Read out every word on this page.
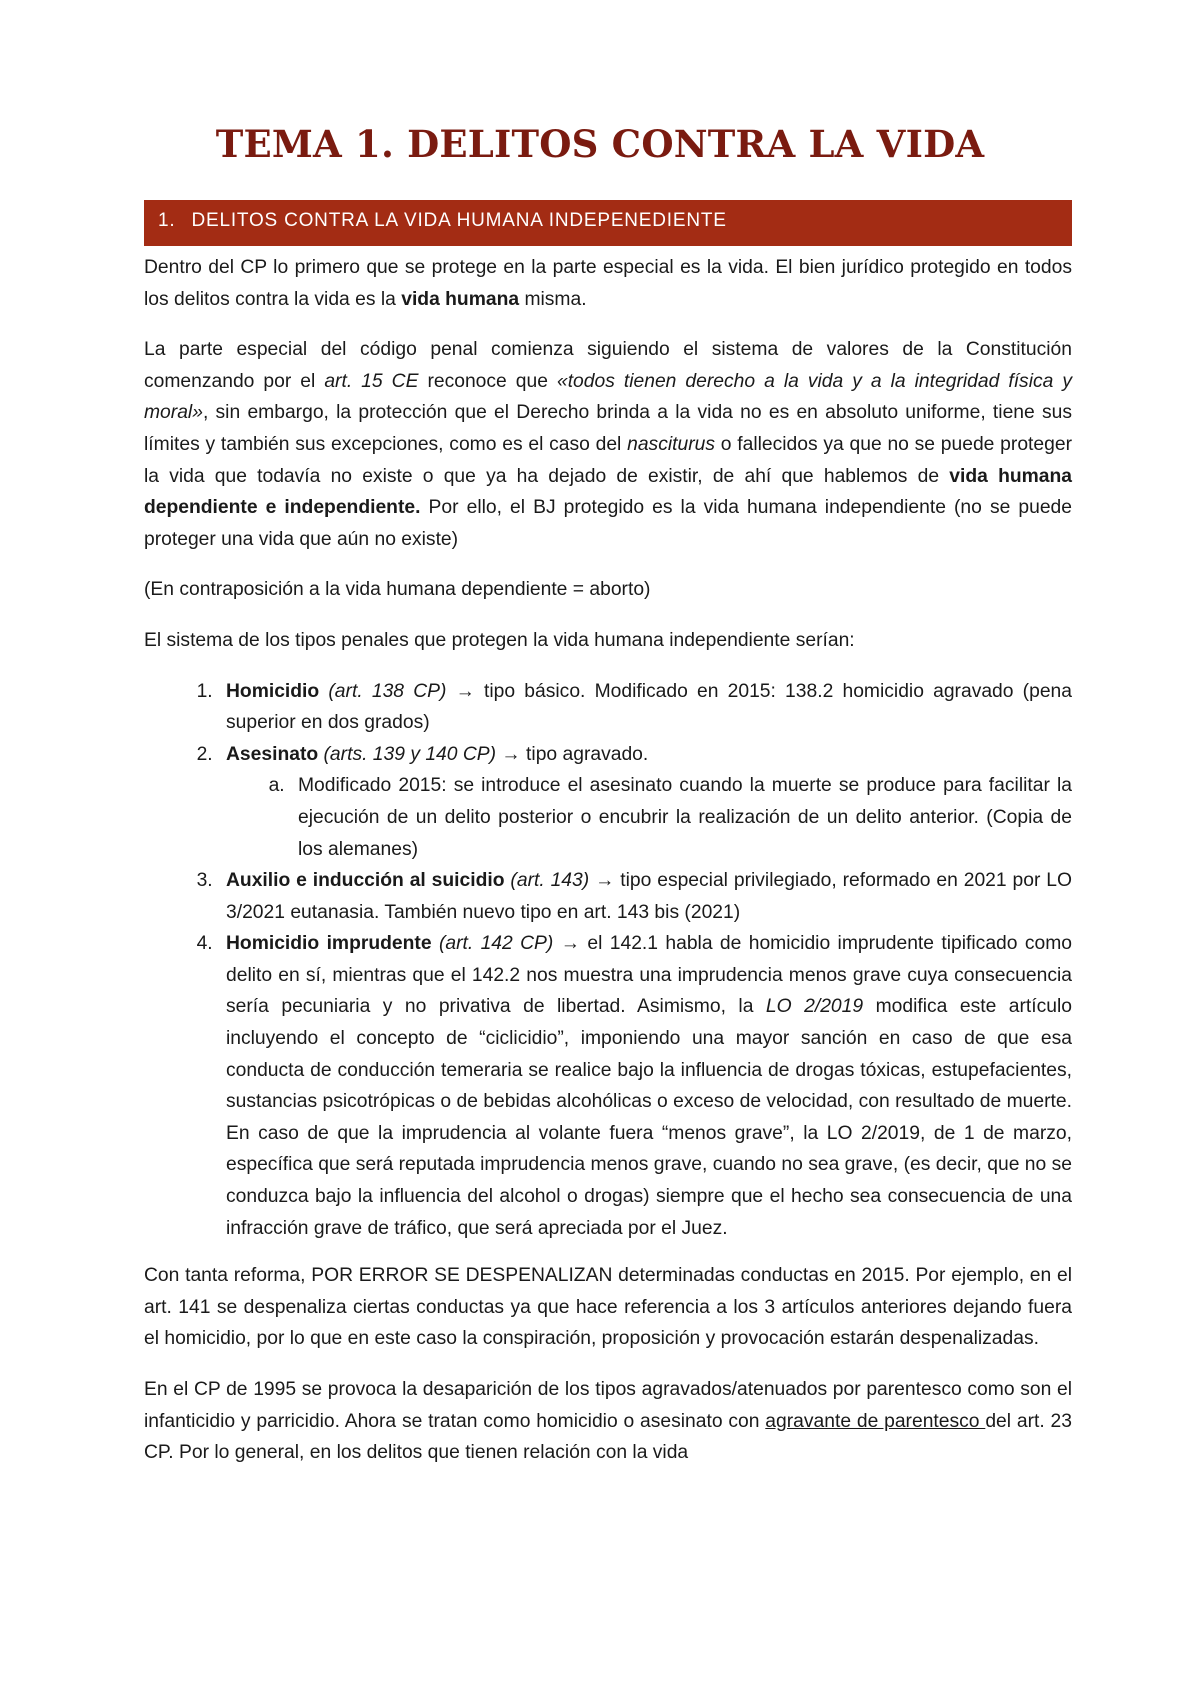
TEMA 1. DELITOS CONTRA LA VIDA
1. DELITOS CONTRA LA VIDA HUMANA INDEPENEDIENTE

Dentro del CP lo primero que se protege en la parte especial es la vida. El bien jurídico protegido en todos los delitos contra la vida es la vida humana misma.

La parte especial del código penal comienza siguiendo el sistema de valores de la Constitución comenzando por el art. 15 CE reconoce que «todos tienen derecho a la vida y a la integridad física y moral», sin embargo, la protección que el Derecho brinda a la vida no es en absoluto uniforme, tiene sus límites y también sus excepciones, como es el caso del nasciturus o fallecidos ya que no se puede proteger la vida que todavía no existe o que ya ha dejado de existir, de ahí que hablemos de vida humana dependiente e independiente. Por ello, el BJ protegido es la vida humana independiente (no se puede proteger una vida que aún no existe)

(En contraposición a la vida humana dependiente = aborto)

El sistema de los tipos penales que protegen la vida humana independiente serían:

1. Homicidio (art. 138 CP) → tipo básico. Modificado en 2015: 138.2 homicidio agravado (pena superior en dos grados)
2. Asesinato (arts. 139 y 140 CP) → tipo agravado.
a. Modificado 2015: se introduce el asesinato cuando la muerte se produce para facilitar la ejecución de un delito posterior o encubrir la realización de un delito anterior. (Copia de los alemanes)
3. Auxilio e inducción al suicidio (art. 143) → tipo especial privilegiado, reformado en 2021 por LO 3/2021 eutanasia. También nuevo tipo en art. 143 bis (2021)
4. Homicidio imprudente (art. 142 CP) → el 142.1 habla de homicidio imprudente tipificado como delito en sí, mientras que el 142.2 nos muestra una imprudencia menos grave cuya consecuencia sería pecuniaria y no privativa de libertad. Asimismo, la LO 2/2019 modifica este artículo incluyendo el concepto de “ciclicidio”, imponiendo una mayor sanción en caso de que esa conducta de conducción temeraria se realice bajo la influencia de drogas tóxicas, estupefacientes, sustancias psicotrópicas o de bebidas alcohólicas o exceso de velocidad, con resultado de muerte. En caso de que la imprudencia al volante fuera “menos grave”, la LO 2/2019, de 1 de marzo, específica que será reputada imprudencia menos grave, cuando no sea grave, (es decir, que no se conduzca bajo la influencia del alcohol o drogas) siempre que el hecho sea consecuencia de una infracción grave de tráfico, que será apreciada por el Juez.

Con tanta reforma, POR ERROR SE DESPENALIZAN determinadas conductas en 2015. Por ejemplo, en el art. 141 se despenaliza ciertas conductas ya que hace referencia a los 3 artículos anteriores dejando fuera el homicidio, por lo que en este caso la conspiración, proposición y provocación estarán despenalizadas.

En el CP de 1995 se provoca la desaparición de los tipos agravados/atenuados por parentesco como son el infanticidio y parricidio. Ahora se tratan como homicidio o asesinato con agravante de parentesco del art. 23 CP. Por lo general, en los delitos que tienen relación con la vida
